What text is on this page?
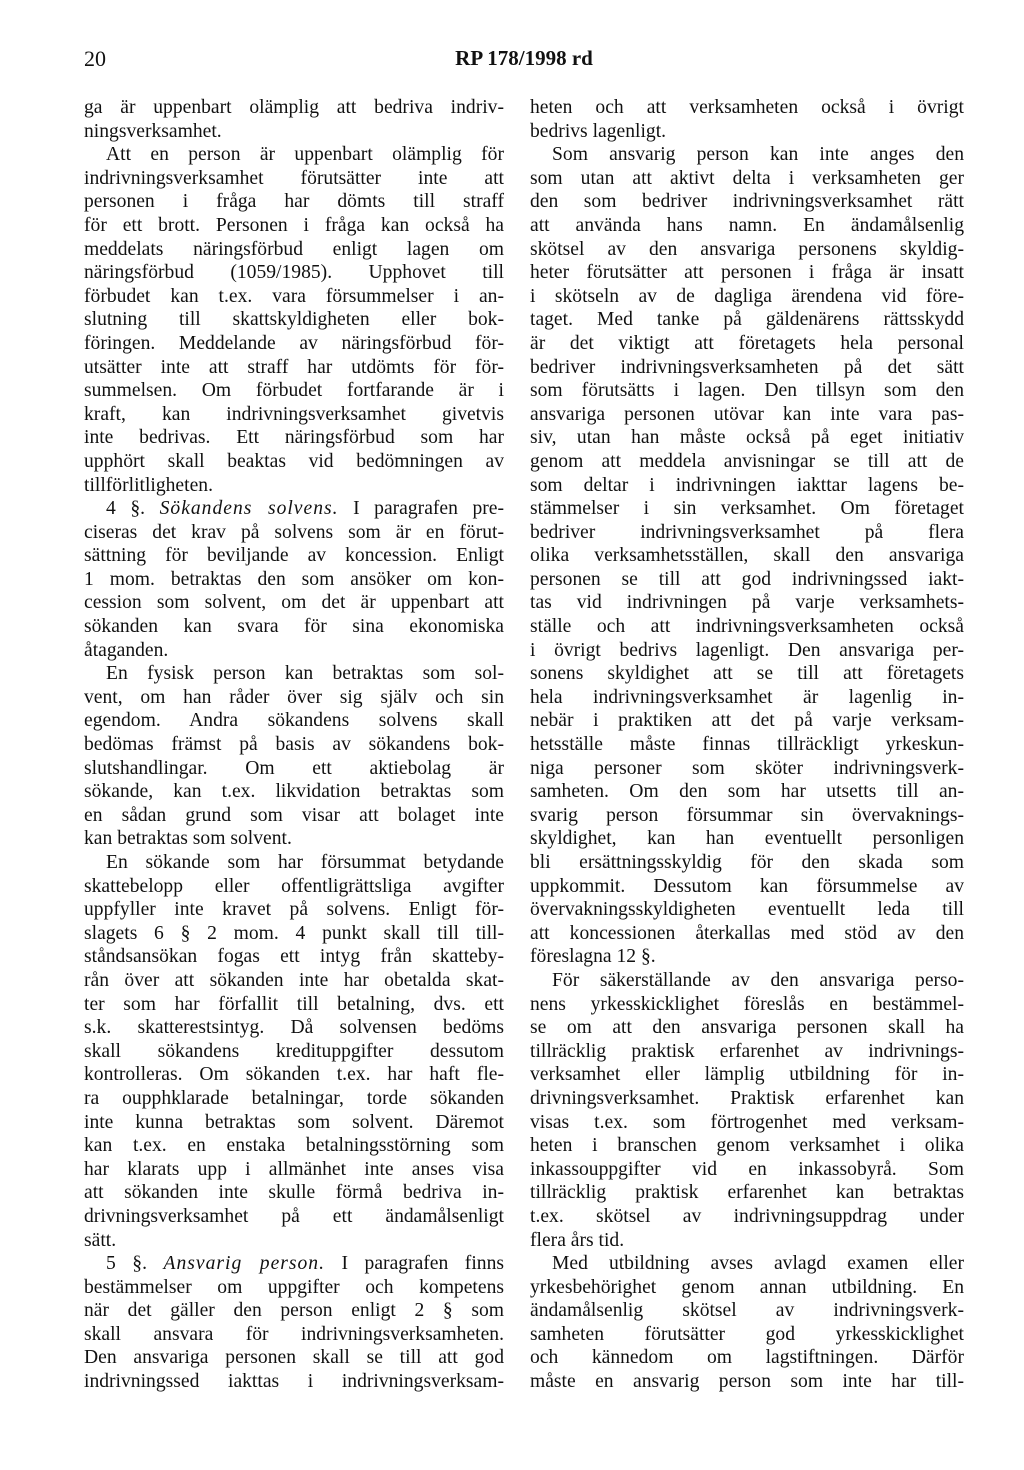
20	RP 178/1998 rd
ga är uppenbart olämplig att bedriva indriv-
ningsverksamhet.
Att en person är uppenbart olämplig för
indrivningsverksamhet förutsätter inte att
personen i fråga har dömts till straff
för ett brott. Personen i fråga kan också ha
meddelats näringsförbud enligt lagen om
näringsförbud (1059/1985). Upphovet till
förbudet kan t.ex. vara försummelser i an-
slutning till skattskyldigheten eller bok-
föringen. Meddelande av näringsförbud för-
utsätter inte att straff har utdömts för för-
summelsen. Om förbudet fortfarande är i
kraft, kan indrivningsverksamhet givetvis
inte bedrivas. Ett näringsförbud som har
upphört skall beaktas vid bedömningen av
tillförlitligheten.
4 §. Sökandens solvens. I paragrafen pre-
ciseras det krav på solvens som är en förut-
sättning för beviljande av koncession. Enligt
1 mom. betraktas den som ansöker om kon-
cession som solvent, om det är uppenbart att
sökanden kan svara för sina ekonomiska
åtaganden.
En fysisk person kan betraktas som sol-
vent, om han råder över sig själv och sin
egendom. Andra sökandens solvens skall
bedömas främst på basis av sökandens bok-
slutshandlingar. Om ett aktiebolag är
sökande, kan t.ex. likvidation betraktas som
en sådan grund som visar att bolaget inte
kan betraktas som solvent.
En sökande som har försummat betydande
skattebelopp eller offentligrättsliga avgifter
uppfyller inte kravet på solvens. Enligt för-
slagets 6 § 2 mom. 4 punkt skall till till-
ståndsansökan fogas ett intyg från skatteby-
rån över att sökanden inte har obetalda skat-
ter som har förfallit till betalning, dvs. ett
s.k. skatterestsintyg. Då solvensen bedöms
skall sökandens kredituppgifter dessutom
kontrolleras. Om sökanden t.ex. har haft fle-
ra oupphklarade betalningar, torde sökanden
inte kunna betraktas som solvent. Däremot
kan t.ex. en enstaka betalningsstörning som
har klarats upp i allmänhet inte anses visa
att sökanden inte skulle förmå bedriva in-
drivningsverksamhet på ett ändamålsenligt
sätt.
5 §. Ansvarig person. I paragrafen finns
bestämmelser om uppgifter och kompetens
när det gäller den person enligt 2 § som
skall ansvara för indrivningsverksamheten.
Den ansvariga personen skall se till att god
indrivningssed iakttas i indrivningsverksam-
heten och att verksamheten också i övrigt
bedrivs lagenligt.
Som ansvarig person kan inte anges den
som utan att aktivt delta i verksamheten ger
den som bedriver indrivningsverksamhet rätt
att använda hans namn. En ändamålsenlig
skötsel av den ansvariga personens skyldig-
heter förutsätter att personen i fråga är insatt
i skötseln av de dagliga ärendena vid före-
taget. Med tanke på gäldenärens rättsskydd
är det viktigt att företagets hela personal
bedriver indrivningsverksamheten på det sätt
som förutsätts i lagen. Den tillsyn som den
ansvariga personen utövar kan inte vara pas-
siv, utan han måste också på eget initiativ
genom att meddela anvisningar se till att de
som deltar i indrivningen iakttar lagens be-
stämmelser i sin verksamhet. Om företaget
bedriver indrivningsverksamhet på flera
olika verksamhetsställen, skall den ansvariga
personen se till att god indrivningssed iakt-
tas vid indrivningen på varje verksamhets-
ställe och att indrivningsverksamheten också
i övrigt bedrivs lagenligt. Den ansvariga per-
sonens skyldighet att se till att företagets
hela indrivningsverksamhet är lagenlig in-
nebär i praktiken att det på varje verksam-
hetsställe måste finnas tillräckligt yrkeskun-
niga personer som sköter indrivningsverk-
samheten. Om den som har utsetts till an-
svarig person försummar sin övervaknings-
skyldighet, kan han eventuellt personligen
bli ersättningsskyldig för den skada som
uppkommit. Dessutom kan försummelse av
övervakningsskyldigheten eventuellt leda till
att koncessionen återkallas med stöd av den
föreslagna 12 §.
För säkerställande av den ansvariga perso-
nens yrkesskicklighet föreslås en bestämmel-
se om att den ansvariga personen skall ha
tillräcklig praktisk erfarenhet av indrivnings-
verksamhet eller lämplig utbildning för in-
drivningsverksamhet. Praktisk erfarenhet kan
visas t.ex. som förtrogenhet med verksam-
heten i branschen genom verksamhet i olika
inkassouppgifter vid en inkassobyrå. Som
tillräcklig praktisk erfarenhet kan betraktas
t.ex. skötsel av indrivningsuppdrag under
flera års tid.
Med utbildning avses avlagd examen eller
yrkesbehörighet genom annan utbildning. En
ändamålsenlig skötsel av indrivningsverk-
samheten förutsätter god yrkesskicklighet
och kännedom om lagstiftningen. Därför
måste en ansvarig person som inte har till-
